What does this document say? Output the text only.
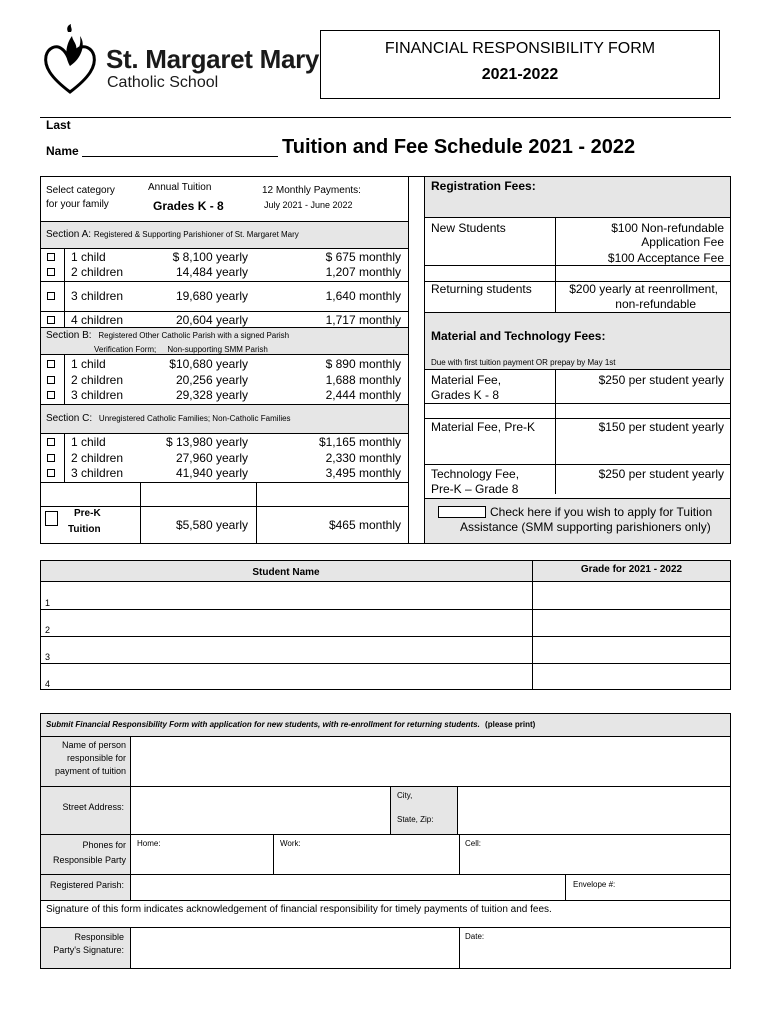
St. Margaret Mary
Catholic School
FINANCIAL RESPONSIBILITY FORM
2021-2022
Last
Name	Tuition and Fee Schedule 2021 - 2022
Select category
for your family
Annual Tuition
Grades K - 8
12 Monthly Payments:
July 2021 - June 2022
Section A: Registered & Supporting Parishioner of St. Margaret Mary
1 child	$ 8,100 yearly	$ 675 monthly
2 children	14,484 yearly	1,207 monthly
3 children	19,680 yearly	1,640 monthly
4 children	20,604 yearly	1,717 monthly
Section B: Registered Other Catholic Parish with a signed Parish
Verification Form;     Non-supporting SMM Parish
1 child	$10,680 yearly	$ 890 monthly
2 children	20,256 yearly	1,688 monthly
3 children	29,328 yearly	2,444 monthly
Section C: Unregistered Catholic Families; Non-Catholic Families
1 child	$ 13,980 yearly	$1,165 monthly
2 children	27,960 yearly	2,330 monthly
3 children	41,940 yearly	3,495 monthly
Pre-K
Tuition	$5,580 yearly	$465 monthly
Registration Fees:
New Students	$100 Non-refundable
Application Fee
$100 Acceptance Fee
Returning students	$200 yearly at reenrollment,
non-refundable
Material and Technology Fees:
Due with first tuition payment OR prepay by May 1st
Material Fee,
Grades K - 8
$250 per student yearly
Material Fee, Pre-K	$150 per student yearly
Technology Fee,
Pre-K – Grade 8
$250 per student yearly
Check here if you wish to apply for Tuition
Assistance (SMM supporting parishioners only)
Student Name	Grade for 2021 - 2022
1
2
3
4
Submit Financial Responsibility Form with application for new students, with re-enrollment for returning students. (please print)
Name of person
responsible for
payment of tuition
Street Address:
City,
State, Zip:
Phones for
Responsible Party
Home:	Work:	Cell:
Registered Parish:	Envelope #:
Signature of this form indicates acknowledgement of financial responsibility for timely payments of tuition and fees.
Responsible
Party's Signature:
Date:
